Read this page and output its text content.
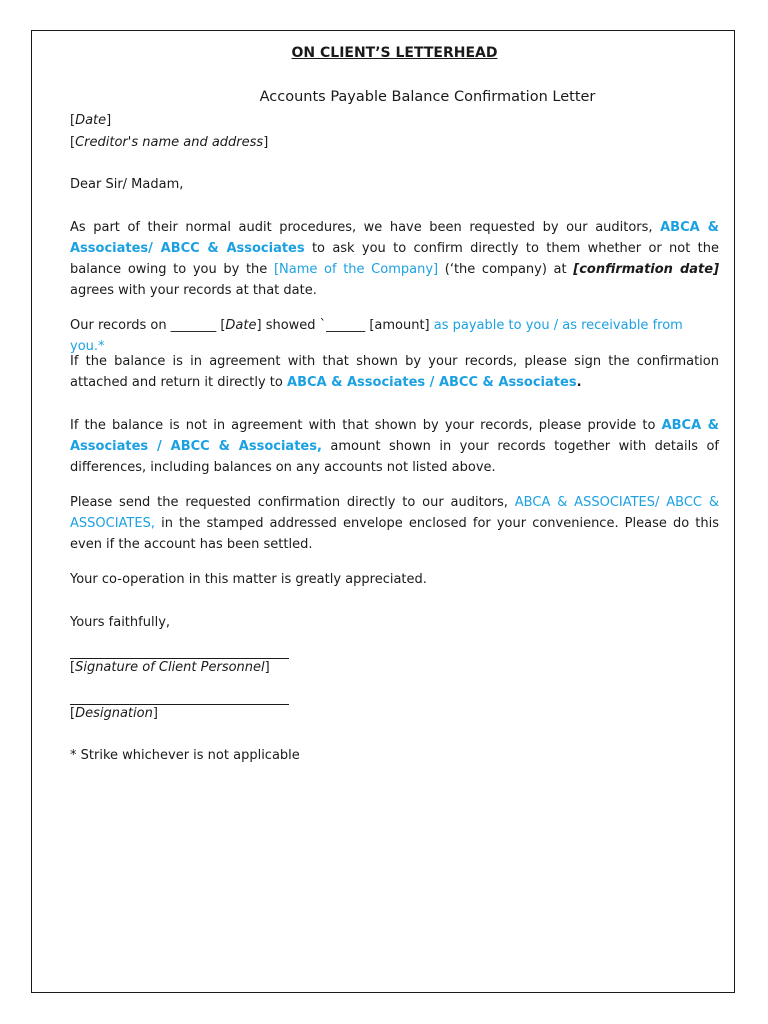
ON CLIENT’S LETTERHEAD
Accounts Payable Balance Confirmation Letter

[Date]

[Creditor's name and address]

Dear Sir/ Madam,

As part of their normal audit procedures, we have been requested by our auditors, ABCA & Associates/ ABCC & Associates to ask you to confirm directly to them whether or not the balance owing to you by the [Name of the Company] (‘the company) at [confirmation date] agrees with your records at that date.

Our records on _______ [Date] showed `______ [amount] as payable to you / as receivable from you.*

If the balance is in agreement with that shown by your records, please sign the confirmation attached and return it directly to ABCA & Associates / ABCC & Associates.

If the balance is not in agreement with that shown by your records, please provide to ABCA & Associates / ABCC & Associates, amount shown in your records together with details of differences, including balances on any accounts not listed above.

Please send the requested confirmation directly to our auditors, ABCA & ASSOCIATES/ ABCC & ASSOCIATES, in the stamped addressed envelope enclosed for your convenience. Please do this even if the account has been settled.

Your co-operation in this matter is greatly appreciated.

Yours faithfully,

[Signature of Client Personnel]

[Designation]

* Strike whichever is not applicable
